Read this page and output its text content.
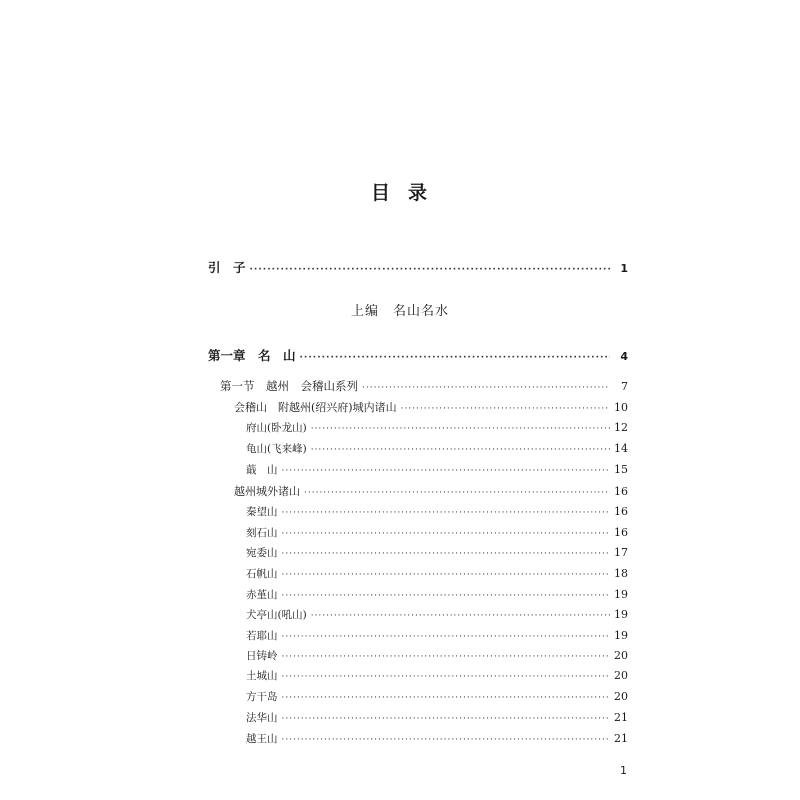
目 录
引　子 ·····	1
上编 名山名水
第一章　名　山 ·····	4
第一节　越州　会稽山系列 ·····	7
会稽山　附越州(绍兴府)城内诸山 ·····	10
府山(卧龙山) ·····	12
龟山(飞来峰) ·····	14
蕺　山 ·····	15
越州城外诸山 ·····	16
秦望山 ·····	16
刻石山 ·····	16
宛委山 ·····	17
石帆山 ·····	18
赤堇山 ·····	19
犬亭山(吼山) ·····	19
若耶山 ·····	19
日铸岭 ·····	20
土城山 ·····	20
方干岛 ·····	20
法华山 ·····	21
越王山 ·····	21
1
